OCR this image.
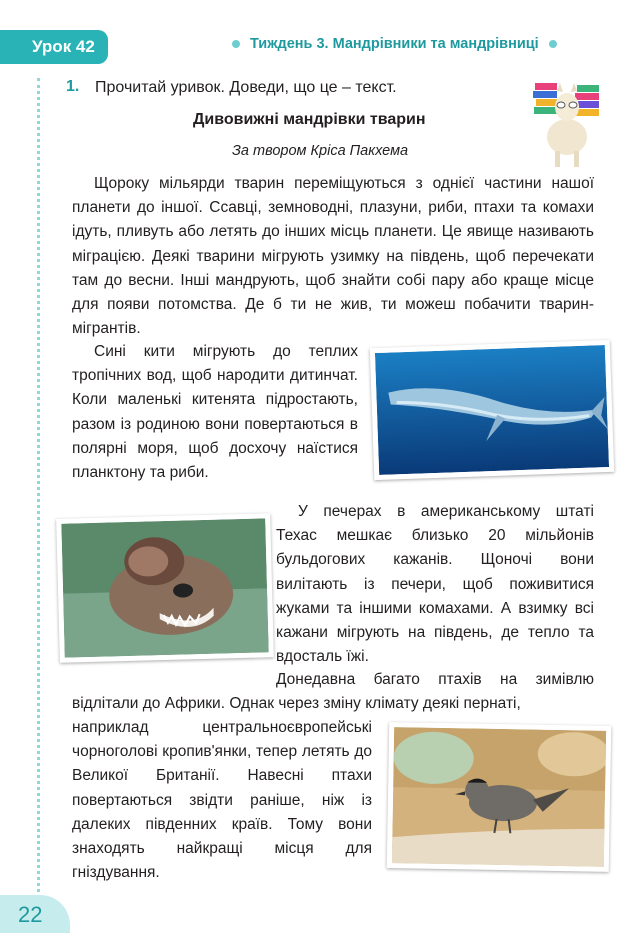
Урок 42	Тиждень 3. Мандрівники та мандрівниці
1. Прочитай уривок. Доведи, що це – текст.
Дивовижні мандрівки тварин
За твором Кріса Пакхема
Щороку мільярди тварин переміщуються з однієї частини нашої планети до іншої. Ссавці, земноводні, плазуни, риби, птахи та комахи ідуть, пливуть або летять до інших місць планети. Це явище називають міграцією. Деякі тварини мігрують узимку на південь, щоб перечекати там до весни. Інші мандрують, щоб знайти собі пару або краще місце для появи потомства. Де б ти не жив, ти можеш побачити тварин-мігрантів.
Сині кити мігрують до теплих тропічних вод, щоб народити дитинчат. Коли маленькі китенята підростають, разом із родиною вони повертаються в полярні моря, щоб досхочу наїстися планктону та риби.
У печерах в американському штаті Техас мешкає близько 20 мільйонів бульдогових кажанів. Щоночі вони вилітають із печери, щоб поживитися жуками та іншими комахами. А взимку всі кажани мігрують на південь, де тепло та вдосталь їжі.
Донедавна багато птахів на зимівлю відлітали до Африки. Однак через зміну клімату деякі пернаті,
наприклад центральноєвропейські чорноголові кропив'янки, тепер летять до Великої Британії. Навесні птахи повертаються звідти раніше, ніж із далеких південних країв. Тому вони знаходять найкращі місця для гніздування.
22
